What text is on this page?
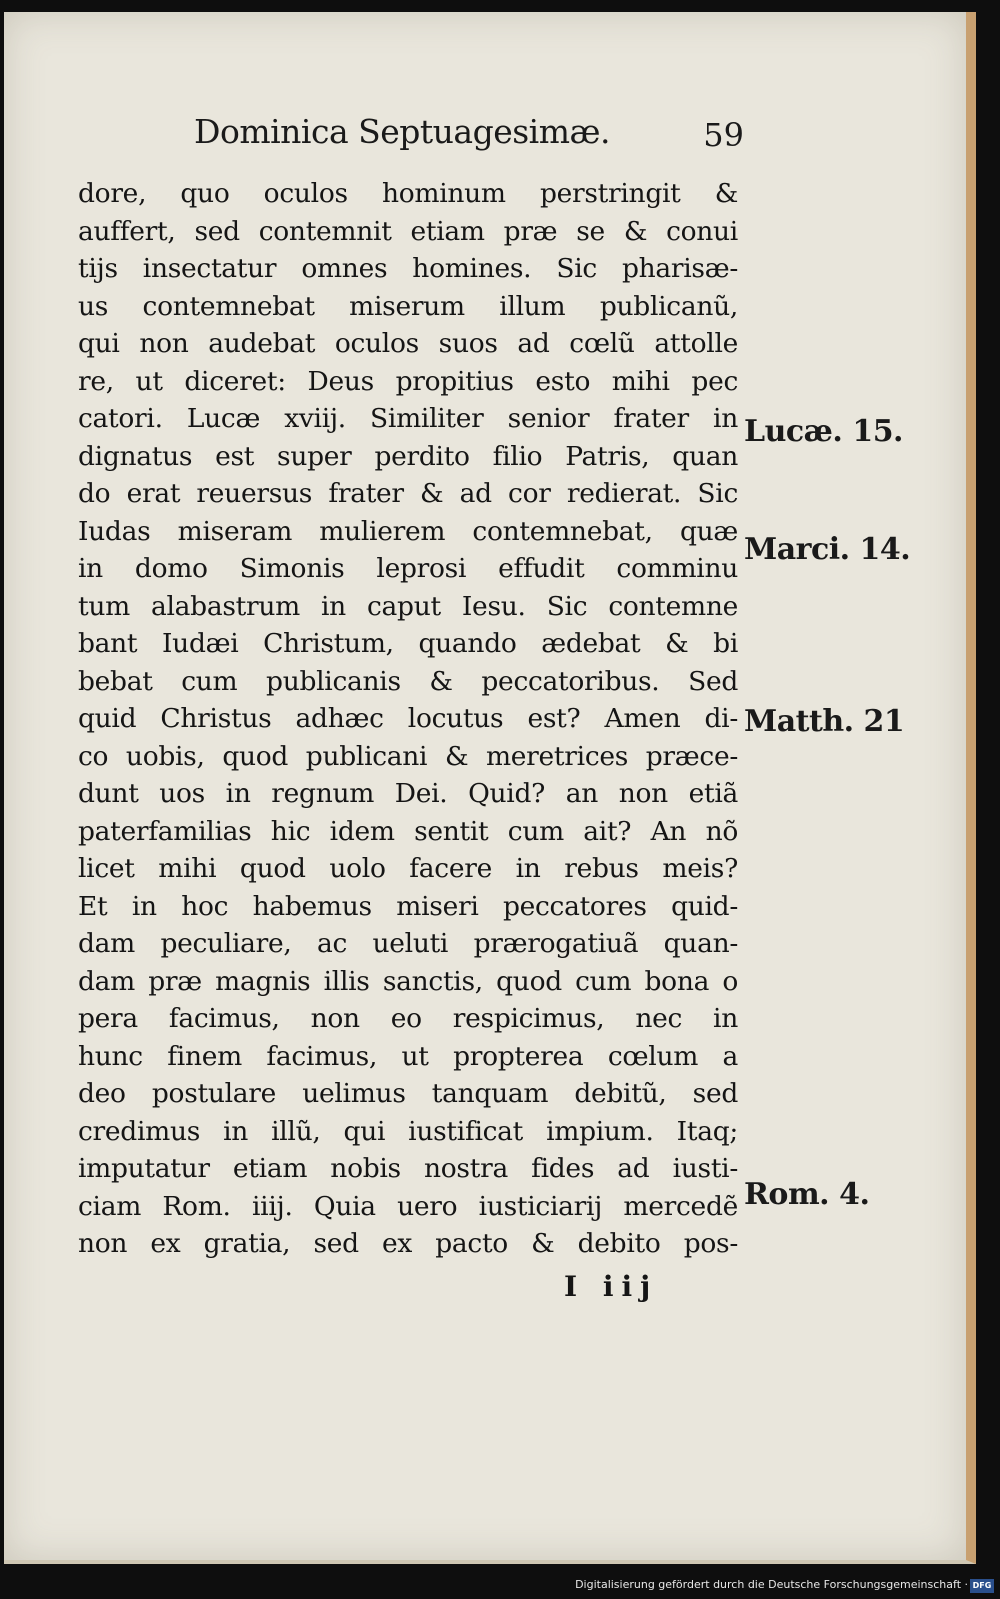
Dominica Septuagesimæ.	59
dore, quo oculos hominum perstringit &
auffert, sed contemnit etiam præ se & conui
tijs insectatur omnes homines. Sic pharisæ-
us contemnebat miserum illum publicanũ,
qui non audebat oculos suos ad cœlũ attolle
re, ut diceret: Deus propitius esto mihi pec
catori. Lucæ xviij. Similiter senior frater in
dignatus est super perdito filio Patris, quan
do erat reuersus frater & ad cor redierat. Sic
Iudas miseram mulierem contemnebat, quæ
in domo Simonis leprosi effudit comminu
tum alabastrum in caput Iesu. Sic contemne
bant Iudæi Christum, quando ædebat & bi
bebat cum publicanis & peccatoribus. Sed
quid Christus adhæc locutus est? Amen di-
co uobis, quod publicani & meretrices præce-
dunt uos in regnum Dei. Quid? an non etiã
paterfamilias hic idem sentit cum ait? An nõ
licet mihi quod uolo facere in rebus meis?
Et in hoc habemus miseri peccatores quid-
dam peculiare, ac ueluti prærogatiuã quan-
dam præ magnis illis sanctis, quod cum bona o
pera facimus, non eo respicimus, nec in
hunc finem facimus, ut propterea cœlum a
deo postulare uelimus tanquam debitũ, sed
credimus in illũ, qui iustificat impium. Itaq;
imputatur etiam nobis nostra fides ad iusti-
ciam Rom. iiij. Quia uero iusticiarij mercedẽ
non ex gratia, sed ex pacto & debito pos-
Lucæ. 15.
Marci. 14.
Matth. 21
Rom. 4.
I iij
Digitalisierung gefördert durch die Deutsche Forschungsgemeinschaft · DFG
